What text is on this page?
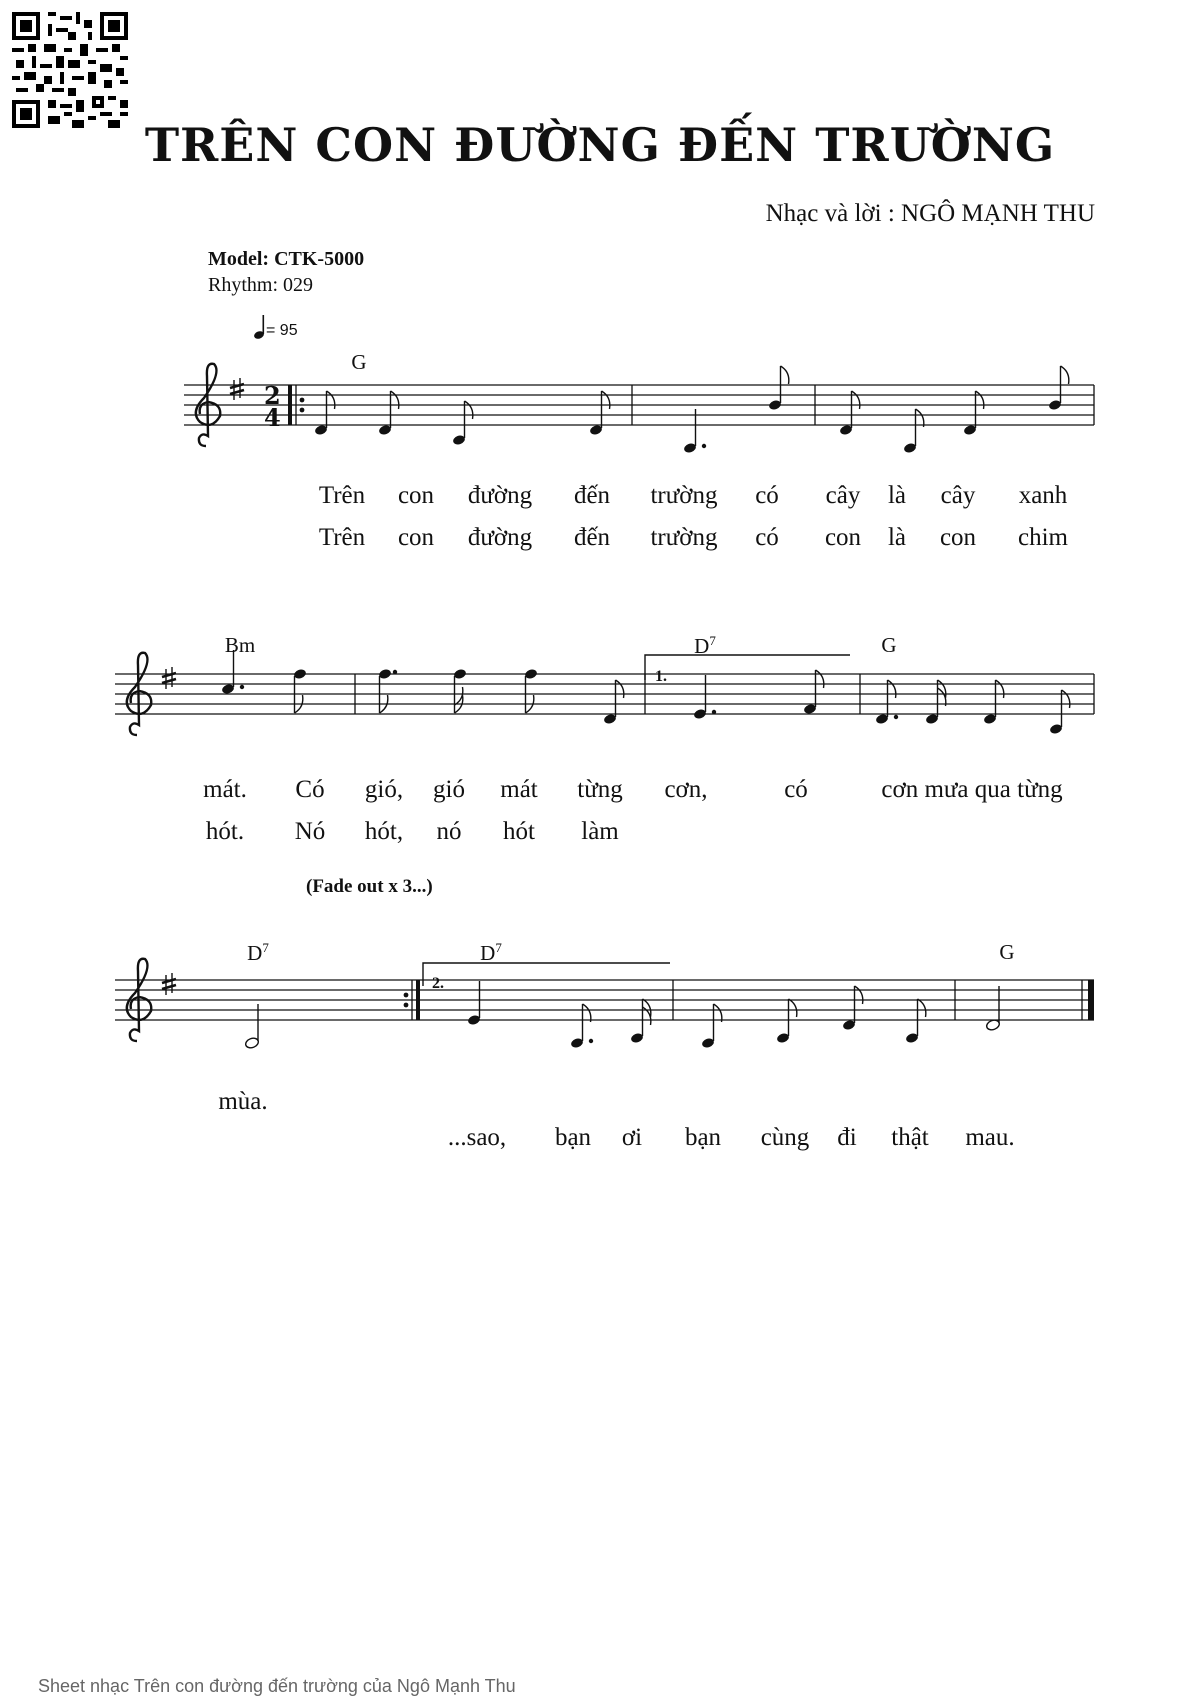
TRÊN CON ĐƯỜNG ĐẾN TRƯỜNG
Nhạc và lời : NGÔ MẠNH THU
Model: CTK-5000
Rhythm: 029
= 95
2
4
G
Bm	$D^7$	G
$D^7$	$D^7$	G
1.
2.
Trên con đường đến trường có cây là cây xanh
Trên con đường đến trường có con là con chim
mát. Có gió, gió mát từng cơn,	có	cơn mưa qua từng
hót. Nó hót, nó hót làm
(Fade out x 3...)
mùa.
...sao, bạn ơi bạn cùng đi thật mau.
Sheet nhạc Trên con đường đến trường của Ngô Mạnh Thu
